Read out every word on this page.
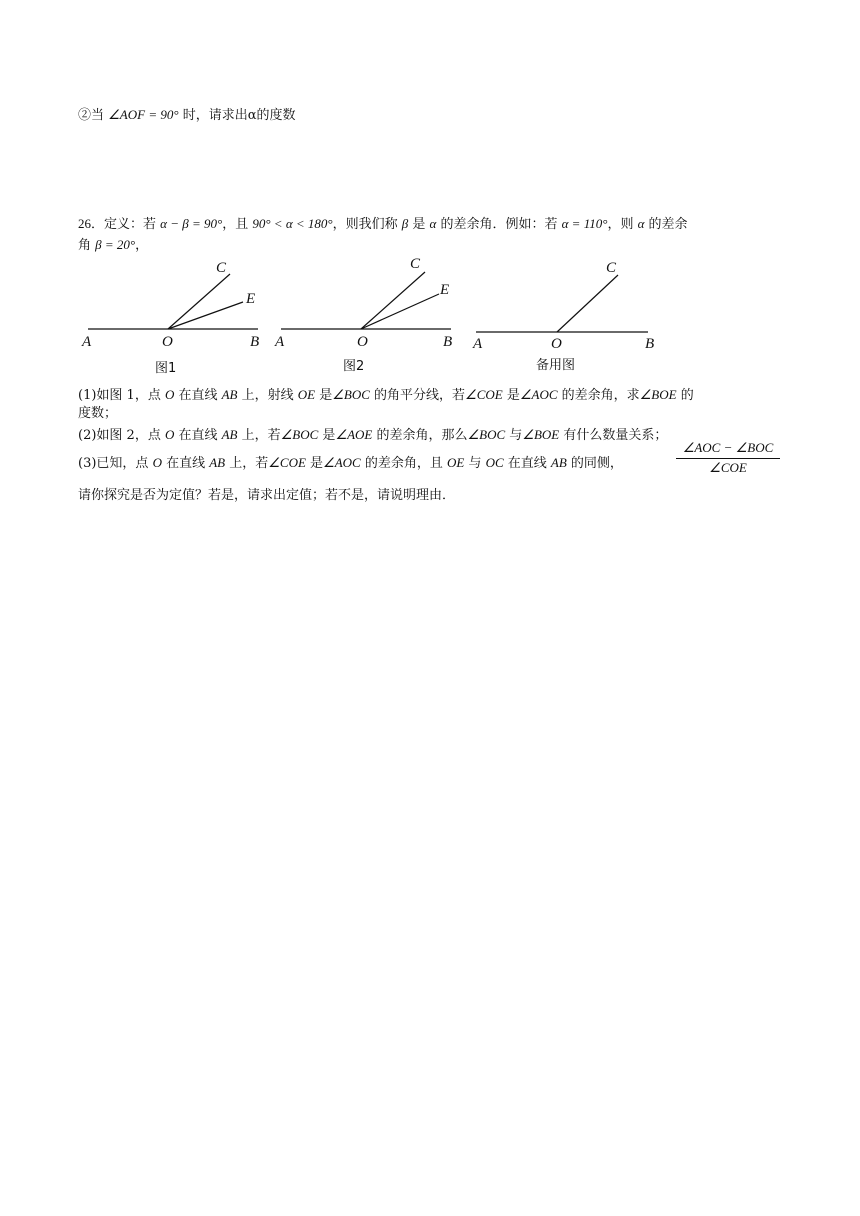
②当 ∠AOF = 90° 时，请求出α的度数
26．定义：若 α − β = 90°，且 90° < α < 180°，则我们称 β 是 α 的差余角．例如：若 α = 110°，则 α 的差余
角 β = 20°，
A	O	B
C
E
图1
A	O	B
C
E
图2
A	O	B
C
备用图
(1)如图 1，点 O 在直线 AB 上，射线 OE 是∠BOC 的角平分线，若∠COE 是∠AOC 的差余角，求∠BOE 的
度数；
(2)如图 2，点 O 在直线 AB 上，若∠BOC 是∠AOE 的差余角，那么∠BOC 与∠BOE 有什么数量关系；
(3)已知，点 O 在直线 AB 上，若∠COE 是∠AOC 的差余角，且 OE 与 OC 在直线 AB 的同侧，
∠AOC − ∠BOC
∠COE
请你探究是否为定值？若是，请求出定值；若不是，请说明理由．
